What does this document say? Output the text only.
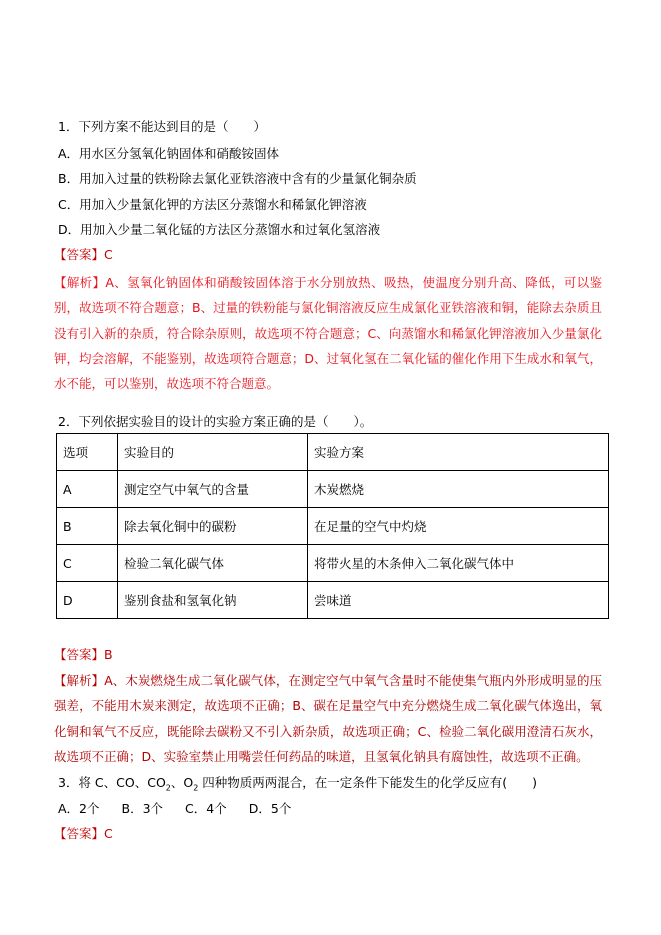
1．下列方案不能达到目的是（　　）
A．用水区分氢氧化钠固体和硝酸铵固体
B．用加入过量的铁粉除去氯化亚铁溶液中含有的少量氯化铜杂质
C．用加入少量氯化钾的方法区分蒸馏水和稀氯化钾溶液
D．用加入少量二氧化锰的方法区分蒸馏水和过氧化氢溶液
【答案】C
【解析】A、氢氧化钠固体和硝酸铵固体溶于水分别放热、吸热，使温度分别升高、降低，可以鉴别，故选项不符合题意；B、过量的铁粉能与氯化铜溶液反应生成氯化亚铁溶液和铜，能除去杂质且没有引入新的杂质，符合除杂原则，故选项不符合题意；C、向蒸馏水和稀氯化钾溶液加入少量氯化钾，均会溶解，不能鉴别，故选项符合题意；D、过氧化氢在二氧化锰的催化作用下生成水和氧气，水不能，可以鉴别，故选项不符合题意。
2．下列依据实验目的设计的实验方案正确的是（　　）。
选项	实验目的	实验方案
A	测定空气中氧气的含量	木炭燃烧
B	除去氧化铜中的碳粉	在足量的空气中灼烧
C	检验二氧化碳气体	将带火星的木条伸入二氧化碳气体中
D	鉴别食盐和氢氧化钠	尝味道
【答案】B
【解析】A、木炭燃烧生成二氧化碳气体，在测定空气中氧气含量时不能使集气瓶内外形成明显的压强差，不能用木炭来测定，故选项不正确；B、碳在足量空气中充分燃烧生成二氧化碳气体逸出，氧化铜和氧气不反应，既能除去碳粉又不引入新杂质，故选项正确；C、检验二氧化碳用澄清石灰水，故选项不正确；D、实验室禁止用嘴尝任何药品的味道，且氢氧化钠具有腐蚀性，故选项不正确。
3．将 C、CO、$CO_2$、$O_2$ 四种物质两两混合，在一定条件下能发生的化学反应有(　　)
A．2个 B．3个 C．4个 D．5个
【答案】C
